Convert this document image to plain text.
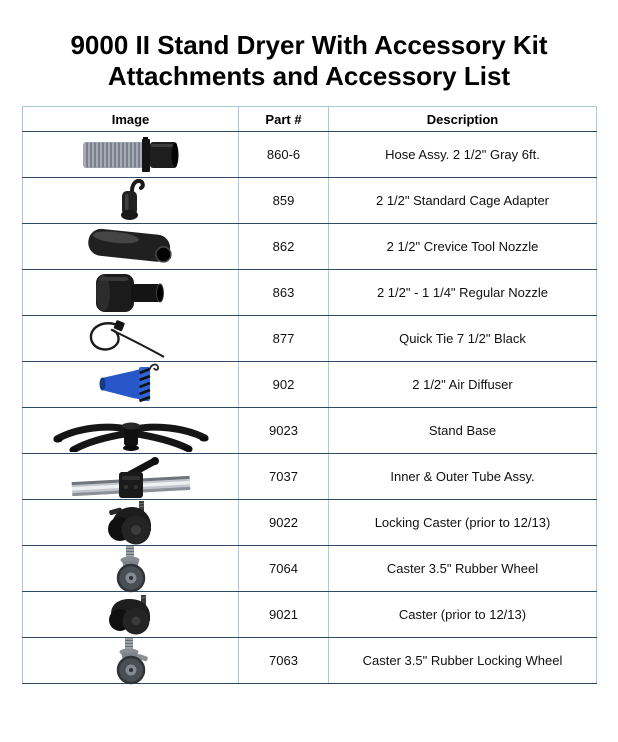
9000 II Stand Dryer With Accessory Kit
Attachments and Accessory List
Image	Part #	Description

	860-6	Hose Assy. 2 1/2" Gray 6ft.

	859	2 1/2" Standard Cage Adapter

	862	2 1/2" Crevice Tool Nozzle

	863	2 1/2" - 1 1/4" Regular Nozzle

	877	Quick Tie 7 1/2" Black

	902	2 1/2" Air Diffuser

	9023	Stand Base

	7037	Inner & Outer Tube Assy.

	9022	Locking Caster (prior to 12/13)

	7064	Caster 3.5" Rubber Wheel

	9021	Caster (prior to 12/13)

	7063	Caster 3.5" Rubber Locking Wheel
